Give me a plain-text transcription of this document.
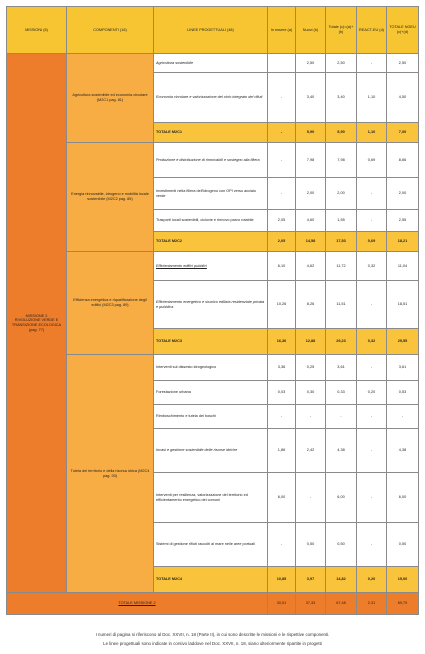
MISSIONI (6)	COMPONENTI (16)	LINEE PROGETTUALI (48)	In essere (a)	Nuovi (b)	Totale (c)=(a)+(b)	REACT-EU (d)	TOTALE NGEU (c)+(d)

MISSIONE 2
RIVOLUZIONE VERDE E TRANSIZIONE ECOLOGICA
(pag. 77)	Agricoltura sostenibile ed economia circolare (M2C1 pag. 81)	Agricoltura sostenibile		2,50	2,50	-	2,50
		Economia circolare e valorizzazione del ciclo integrato dei rifiuti	-	3,40	3,40	1,10	4,50
		TOTALE M2C1	-	5,90	5,90	1,10	7,00
	Energia rinnovabile, idrogeno e mobilità locale sostenibile (M2C2 pag. 85)	Produzione e distribuzione di rinnovabili e sostegno alla filiera	-	7,98	7,98	0,69	8,66
		Investimenti nella filiera dell'idrogeno con OPI verso acciaio verde	-	2,00	2,00	-	2,00
		Trasporti locali sostenibili, ciclovie e rinnovo parco rotabile	2,05	4,60	1,55	-	2,55
		TOTALE M2C2	2,05	14,58	17,53	0,69	18,21
	Efficienza energetica e riqualificazione degli edifici (M2C3 pag. 89)	Efficientamento edifici pubblici	6,10	4,62	11,72	0,32	11,04
		Efficientamento energetico e sismico edilizia residenziale privata e pubblica	10,26	8,26	11,51	-	18,51
		TOTALE M2C3	16,36	12,88	29,23	0,32	29,55
	Tutela del territorio e della risorsa idrica (M2C4 pag. 93)	Interventi sul dissesto idrogeologico	3,36	0,25	3,61	-	3,61
		Forestazione urbana	0,03	0,30	0,33	0,20	0,53
		Rimboschimento e tutela dei boschi	-	-	-	-	-
		Invasi e gestione sostenibile delle risorse idriche	1,86	2,42	4,38	-	4,38
		Interventi per resilienza, valorizzazione del territorio ed efficientamento energetico dei comuni	6,00	-	6,00	-	6,00
		Sistemi di gestione rifiuti raccolti al mare nelle aree portuali	-	0,50	0,50	-	0,50
		TOTALE M2C4	10,85	3,97	14,82	0,20	15,00
TOTALE MISSIONE 2			30,51	37,33	67,48	2,31	69,79
I numeri di pagina si riferiscono al Doc. XXVII, n. 18 (Parte II), in cui sono descritte le missioni e le rispettive componenti.
Le linee progettuali sono indicate in corsivo laddove nel Doc. XXVII, n. 18, siano ulteriormente ripartite in progetti
